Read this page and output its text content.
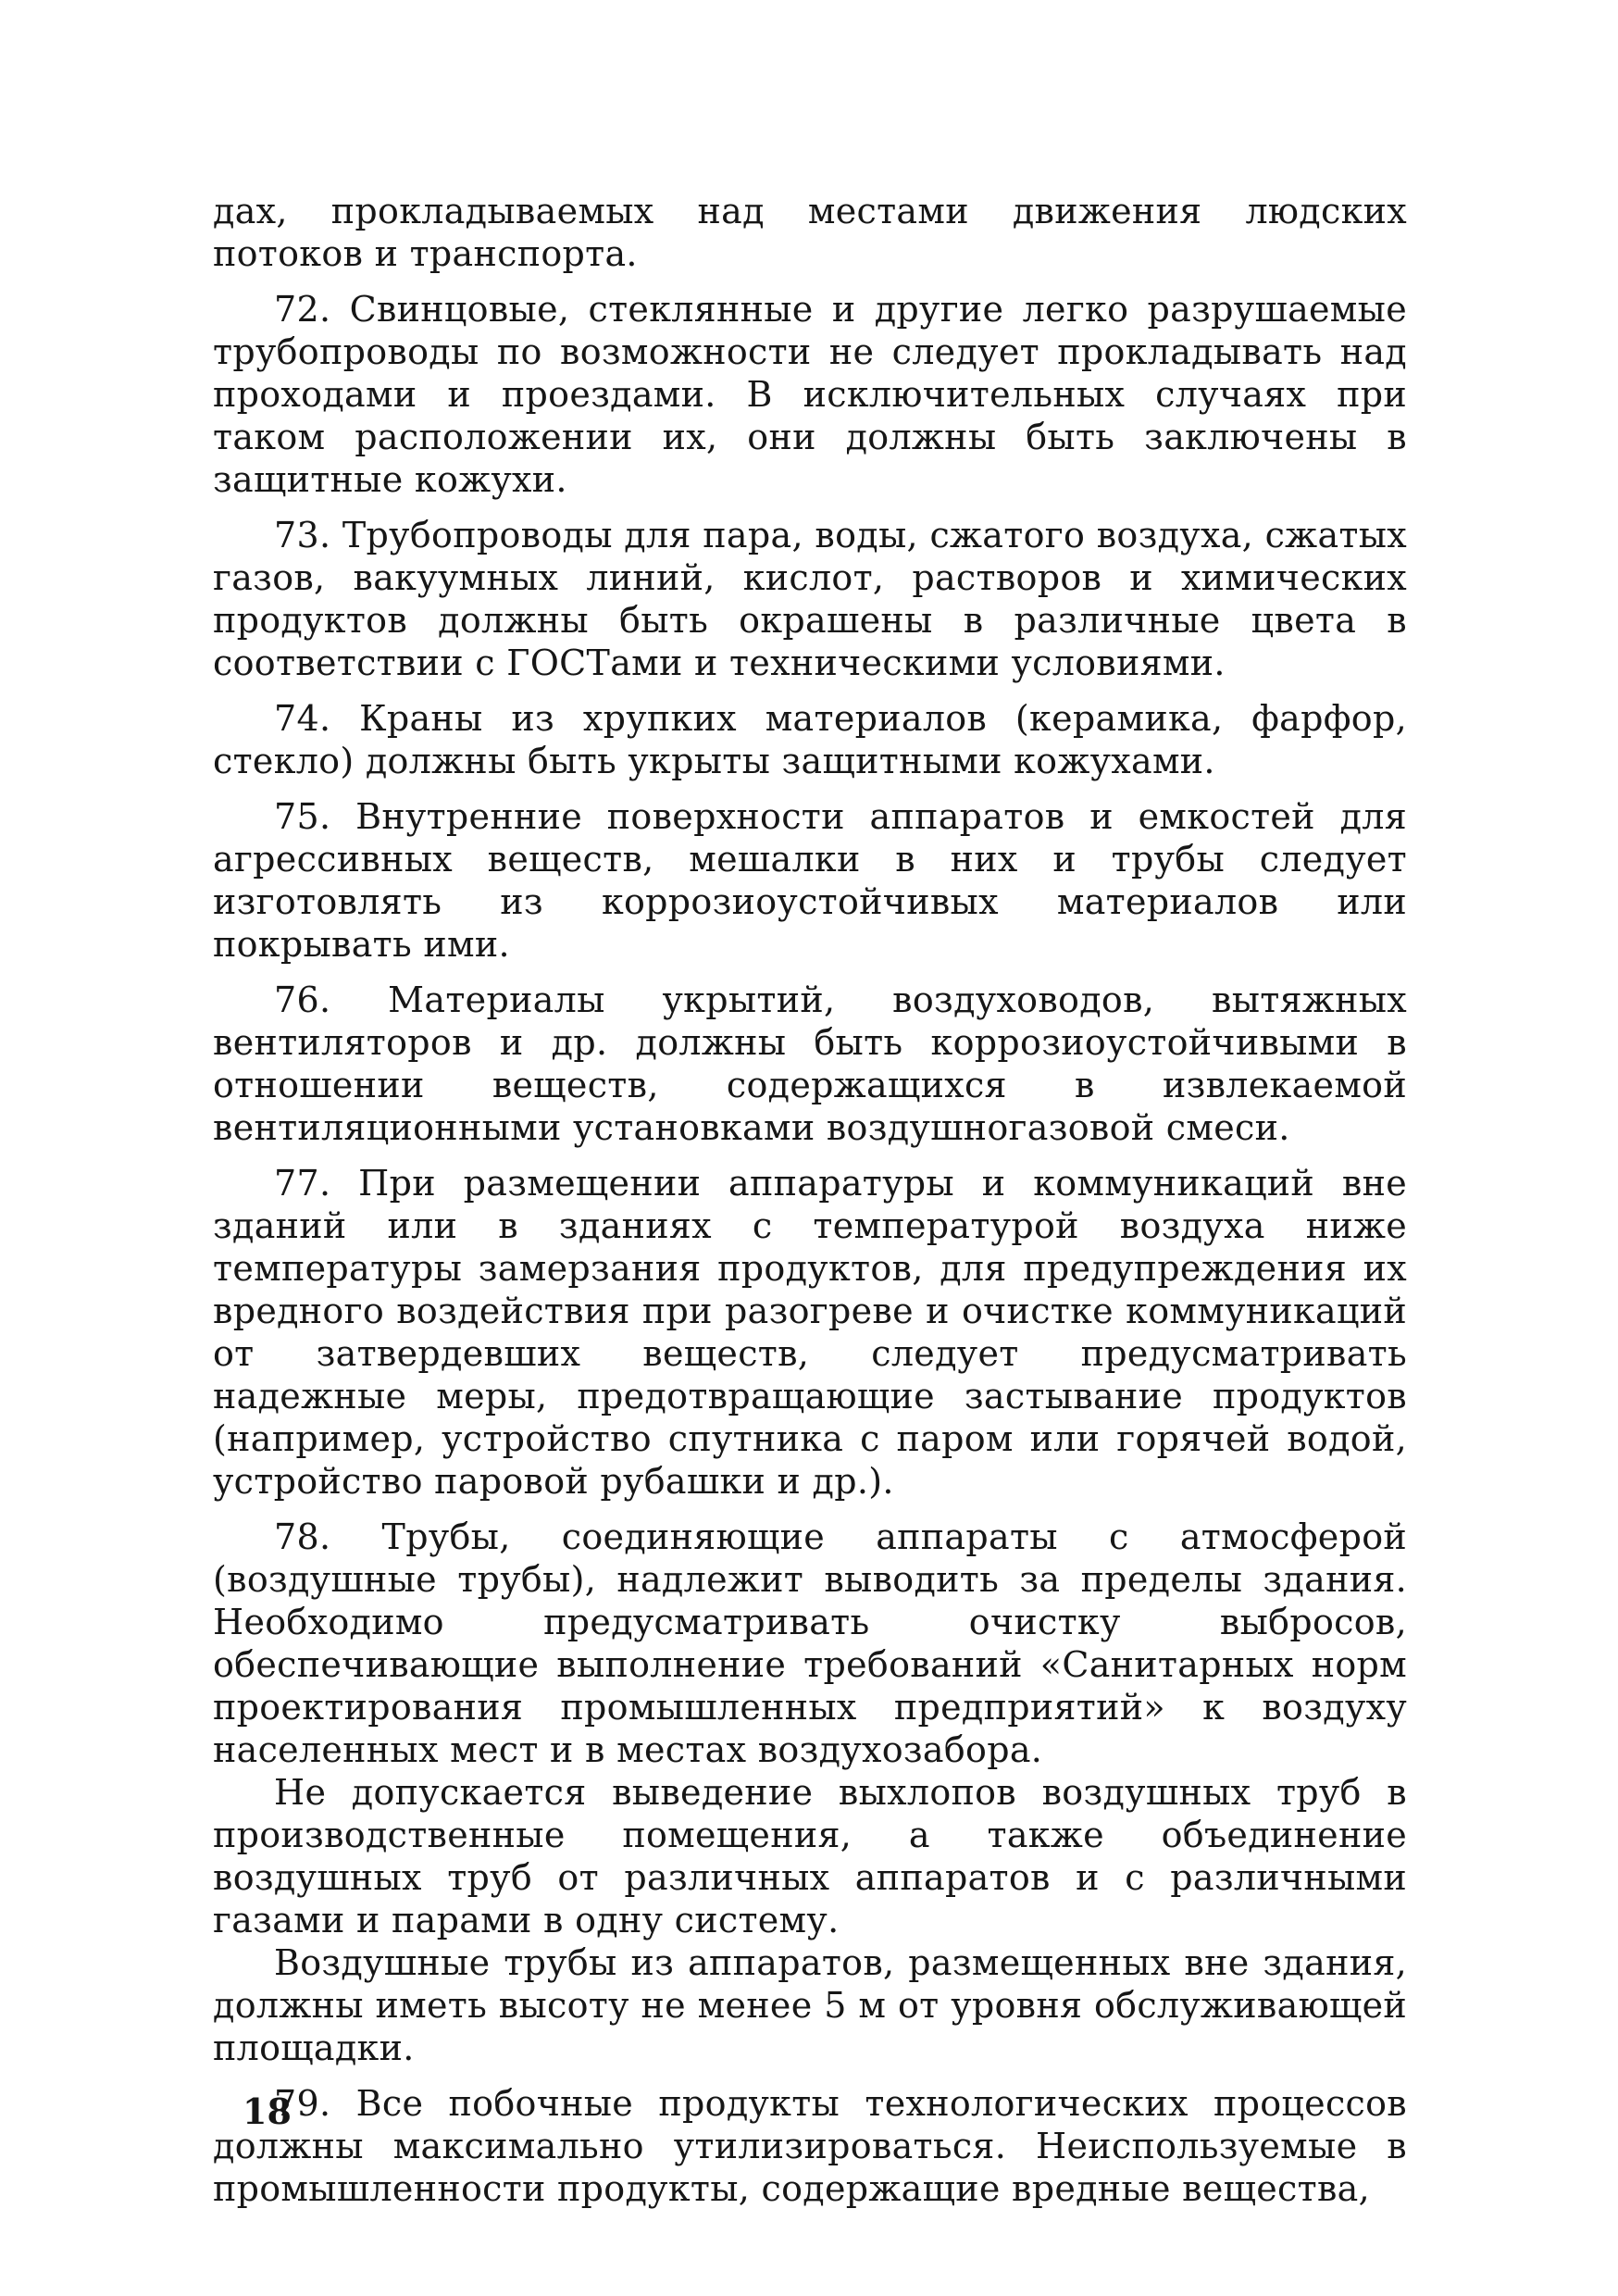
дах, прокладываемых над местами движения людских потоков и транспорта.

72. Свинцовые, стеклянные и другие легко разрушаемые трубопроводы по возможности не следует прокладывать над проходами и проездами. В исключительных случаях при таком расположении их, они должны быть заключены в защитные кожухи.

73. Трубопроводы для пара, воды, сжатого воздуха, сжатых газов, вакуумных линий, кислот, растворов и химических продуктов должны быть окрашены в различные цвета в соответствии с ГОСТами и техническими условиями.

74. Краны из хрупких материалов (керамика, фарфор, стекло) должны быть укрыты защитными кожухами.

75. Внутренние поверхности аппаратов и емкостей для агрессивных веществ, мешалки в них и трубы следует изготовлять из коррозиоустойчивых материалов или покрывать ими.

76. Материалы укрытий, воздуховодов, вытяжных вентиляторов и др. должны быть коррозиоустойчивыми в отношении веществ, содержащихся в извлекаемой вентиляционными установками воздушногазовой смеси.

77. При размещении аппаратуры и коммуникаций вне зданий или в зданиях с температурой воздуха ниже температуры замерзания продуктов, для предупреждения их вредного воздействия при разогреве и очистке коммуникаций от затвердевших веществ, следует предусматривать надежные меры, предотвращающие застывание продуктов (например, устройство спутника с паром или горячей водой, устройство паровой рубашки и др.).

78. Трубы, соединяющие аппараты с атмосферой (воздушные трубы), надлежит выводить за пределы здания. Необходимо предусматривать очистку выбросов, обеспечивающие выполнение требований «Санитарных норм проектирования промышленных предприятий» к воздуху населенных мест и в местах воздухозабора.

Не допускается выведение выхлопов воздушных труб в производственные помещения, а также объединение воздушных труб от различных аппаратов и с различными газами и парами в одну систему.

Воздушные трубы из аппаратов, размещенных вне здания, должны иметь высоту не менее 5 м от уровня обслуживающей площадки.

79. Все побочные продукты технологических процессов должны максимально утилизироваться. Неиспользуемые в промышленности продукты, содержащие вредные вещества,

18
